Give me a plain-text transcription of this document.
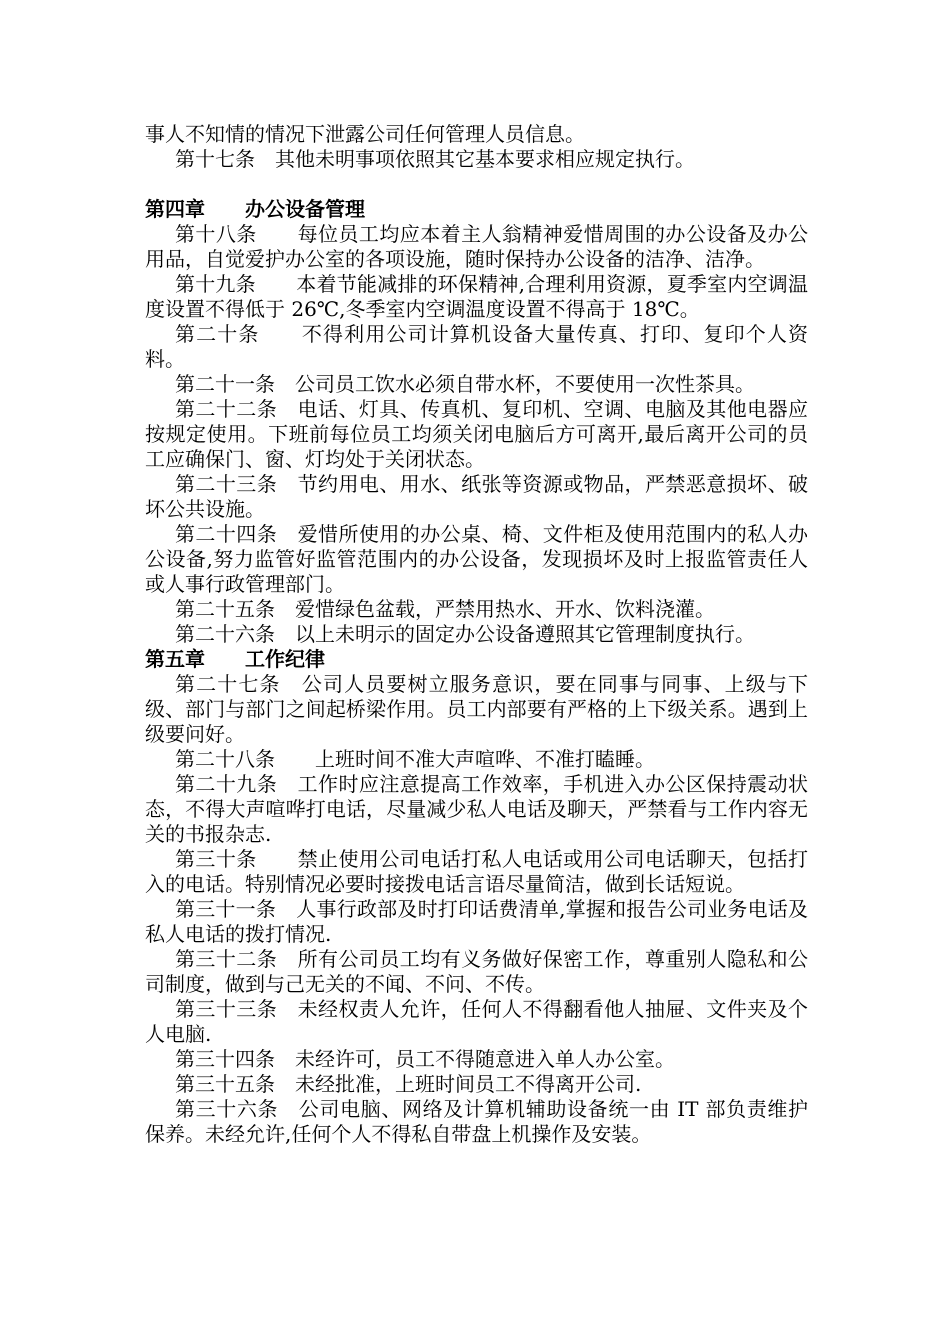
事人不知情的情况下泄露公司任何管理人员信息。

第十七条　其他未明事项依照其它基本要求相应规定执行。

第四章　　办公设备管理

第十八条　　每位员工均应本着主人翁精神爱惜周围的办公设备及办公用品，自觉爱护办公室的各项设施，随时保持办公设备的洁净、洁净。

第十九条　　本着节能减排的环保精神,合理利用资源，夏季室内空调温度设置不得低于 26℃,冬季室内空调温度设置不得高于 18℃。

第二十条　　不得利用公司计算机设备大量传真、打印、复印个人资料。

第二十一条　公司员工饮水必须自带水杯，不要使用一次性茶具。

第二十二条　电话、灯具、传真机、复印机、空调、电脑及其他电器应按规定使用。下班前每位员工均须关闭电脑后方可离开,最后离开公司的员工应确保门、窗、灯均处于关闭状态。

第二十三条　节约用电、用水、纸张等资源或物品，严禁恶意损坏、破坏公共设施。

第二十四条　爱惜所使用的办公桌、椅、文件柜及使用范围内的私人办公设备,努力监管好监管范围内的办公设备，发现损坏及时上报监管责任人或人事行政管理部门。

第二十五条　爱惜绿色盆载，严禁用热水、开水、饮料浇灌。

第二十六条　以上未明示的固定办公设备遵照其它管理制度执行。

第五章　　工作纪律

第二十七条　公司人员要树立服务意识，要在同事与同事、上级与下级、部门与部门之间起桥梁作用。员工内部要有严格的上下级关系。遇到上级要问好。

第二十八条　　上班时间不准大声喧哗、不准打瞌睡。

第二十九条　工作时应注意提高工作效率，手机进入办公区保持震动状态，不得大声喧哗打电话，尽量减少私人电话及聊天，严禁看与工作内容无关的书报杂志.

第三十条　　禁止使用公司电话打私人电话或用公司电话聊天，包括打入的电话。特别情况必要时接拨电话言语尽量简洁，做到长话短说。

第三十一条　人事行政部及时打印话费清单,掌握和报告公司业务电话及私人电话的拨打情况.

第三十二条　所有公司员工均有义务做好保密工作，尊重别人隐私和公司制度，做到与己无关的不闻、不问、不传。

第三十三条　未经权责人允许，任何人不得翻看他人抽屉、文件夹及个人电脑.

第三十四条　未经许可，员工不得随意进入单人办公室。

第三十五条　未经批准，上班时间员工不得离开公司.

第三十六条　公司电脑、网络及计算机辅助设备统一由 IT 部负责维护保养。未经允许,任何个人不得私自带盘上机操作及安装。
